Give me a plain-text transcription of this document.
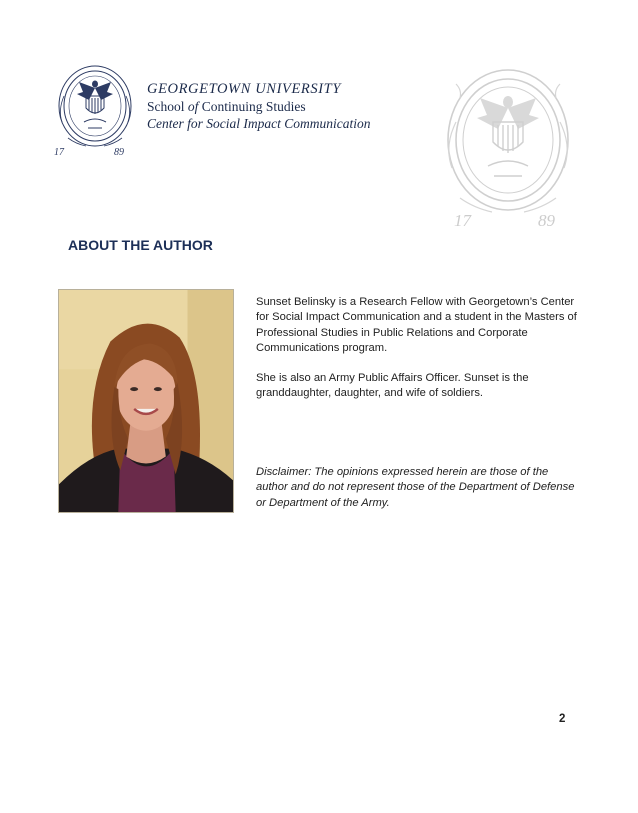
17	89
GEORGETOWN UNIVERSITY
School of Continuing Studies
Center for Social Impact Communication
17	89
ABOUT THE AUTHOR

Sunset Belinsky is a Research Fellow with Georgetown’s Center for Social Impact Communication and a student in the Masters of Professional Studies in Public Relations and Corporate Communications program.

She is also an Army Public Affairs Officer. Sunset is the granddaughter, daughter, and wife of soldiers.

Disclaimer: The opinions expressed herein are those of the author and do not represent those of the Department of Defense or Department of the Army.
2
